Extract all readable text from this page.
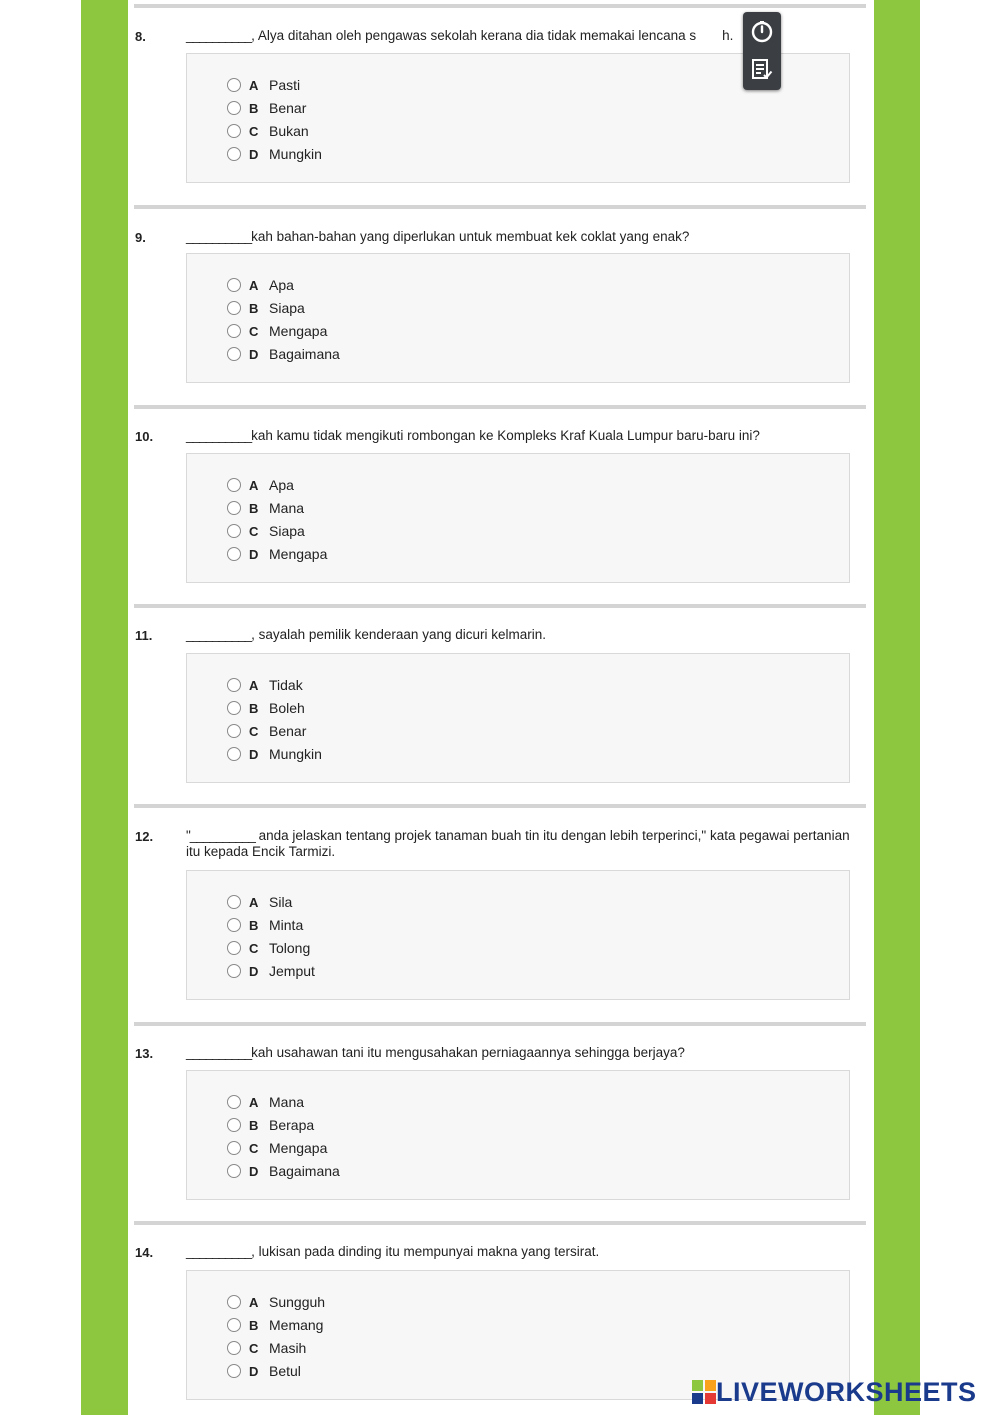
8.	__________, Alya ditahan oleh pengawas sekolah kerana dia tidak memakai lencana s h.
A Pasti
B Benar
C Bukan
D Mungkin
9.	__________kah bahan-bahan yang diperlukan untuk membuat kek coklat yang enak?
A Apa
B Siapa
C Mengapa
D Bagaimana
10. __________kah kamu tidak mengikuti rombongan ke Kompleks Kraf Kuala Lumpur baru-baru ini?
A Apa
B Mana
C Siapa
D Mengapa
11. __________, sayalah pemilik kenderaan yang dicuri kelmarin.
A Tidak
B Boleh
C Benar
D Mungkin
12. "__________ anda jelaskan tentang projek tanaman buah tin itu dengan lebih terperinci," kata pegawai pertanian itu kepada Encik Tarmizi.
A Sila
B Minta
C Tolong
D Jemput
13. __________kah usahawan tani itu mengusahakan perniagaannya sehingga berjaya?
A Mana
B Berapa
C Mengapa
D Bagaimana
14. __________, lukisan pada dinding itu mempunyai makna yang tersirat.
A Sungguh
B Memang
C Masih
D Betul
LIVEWORKSHEETS
